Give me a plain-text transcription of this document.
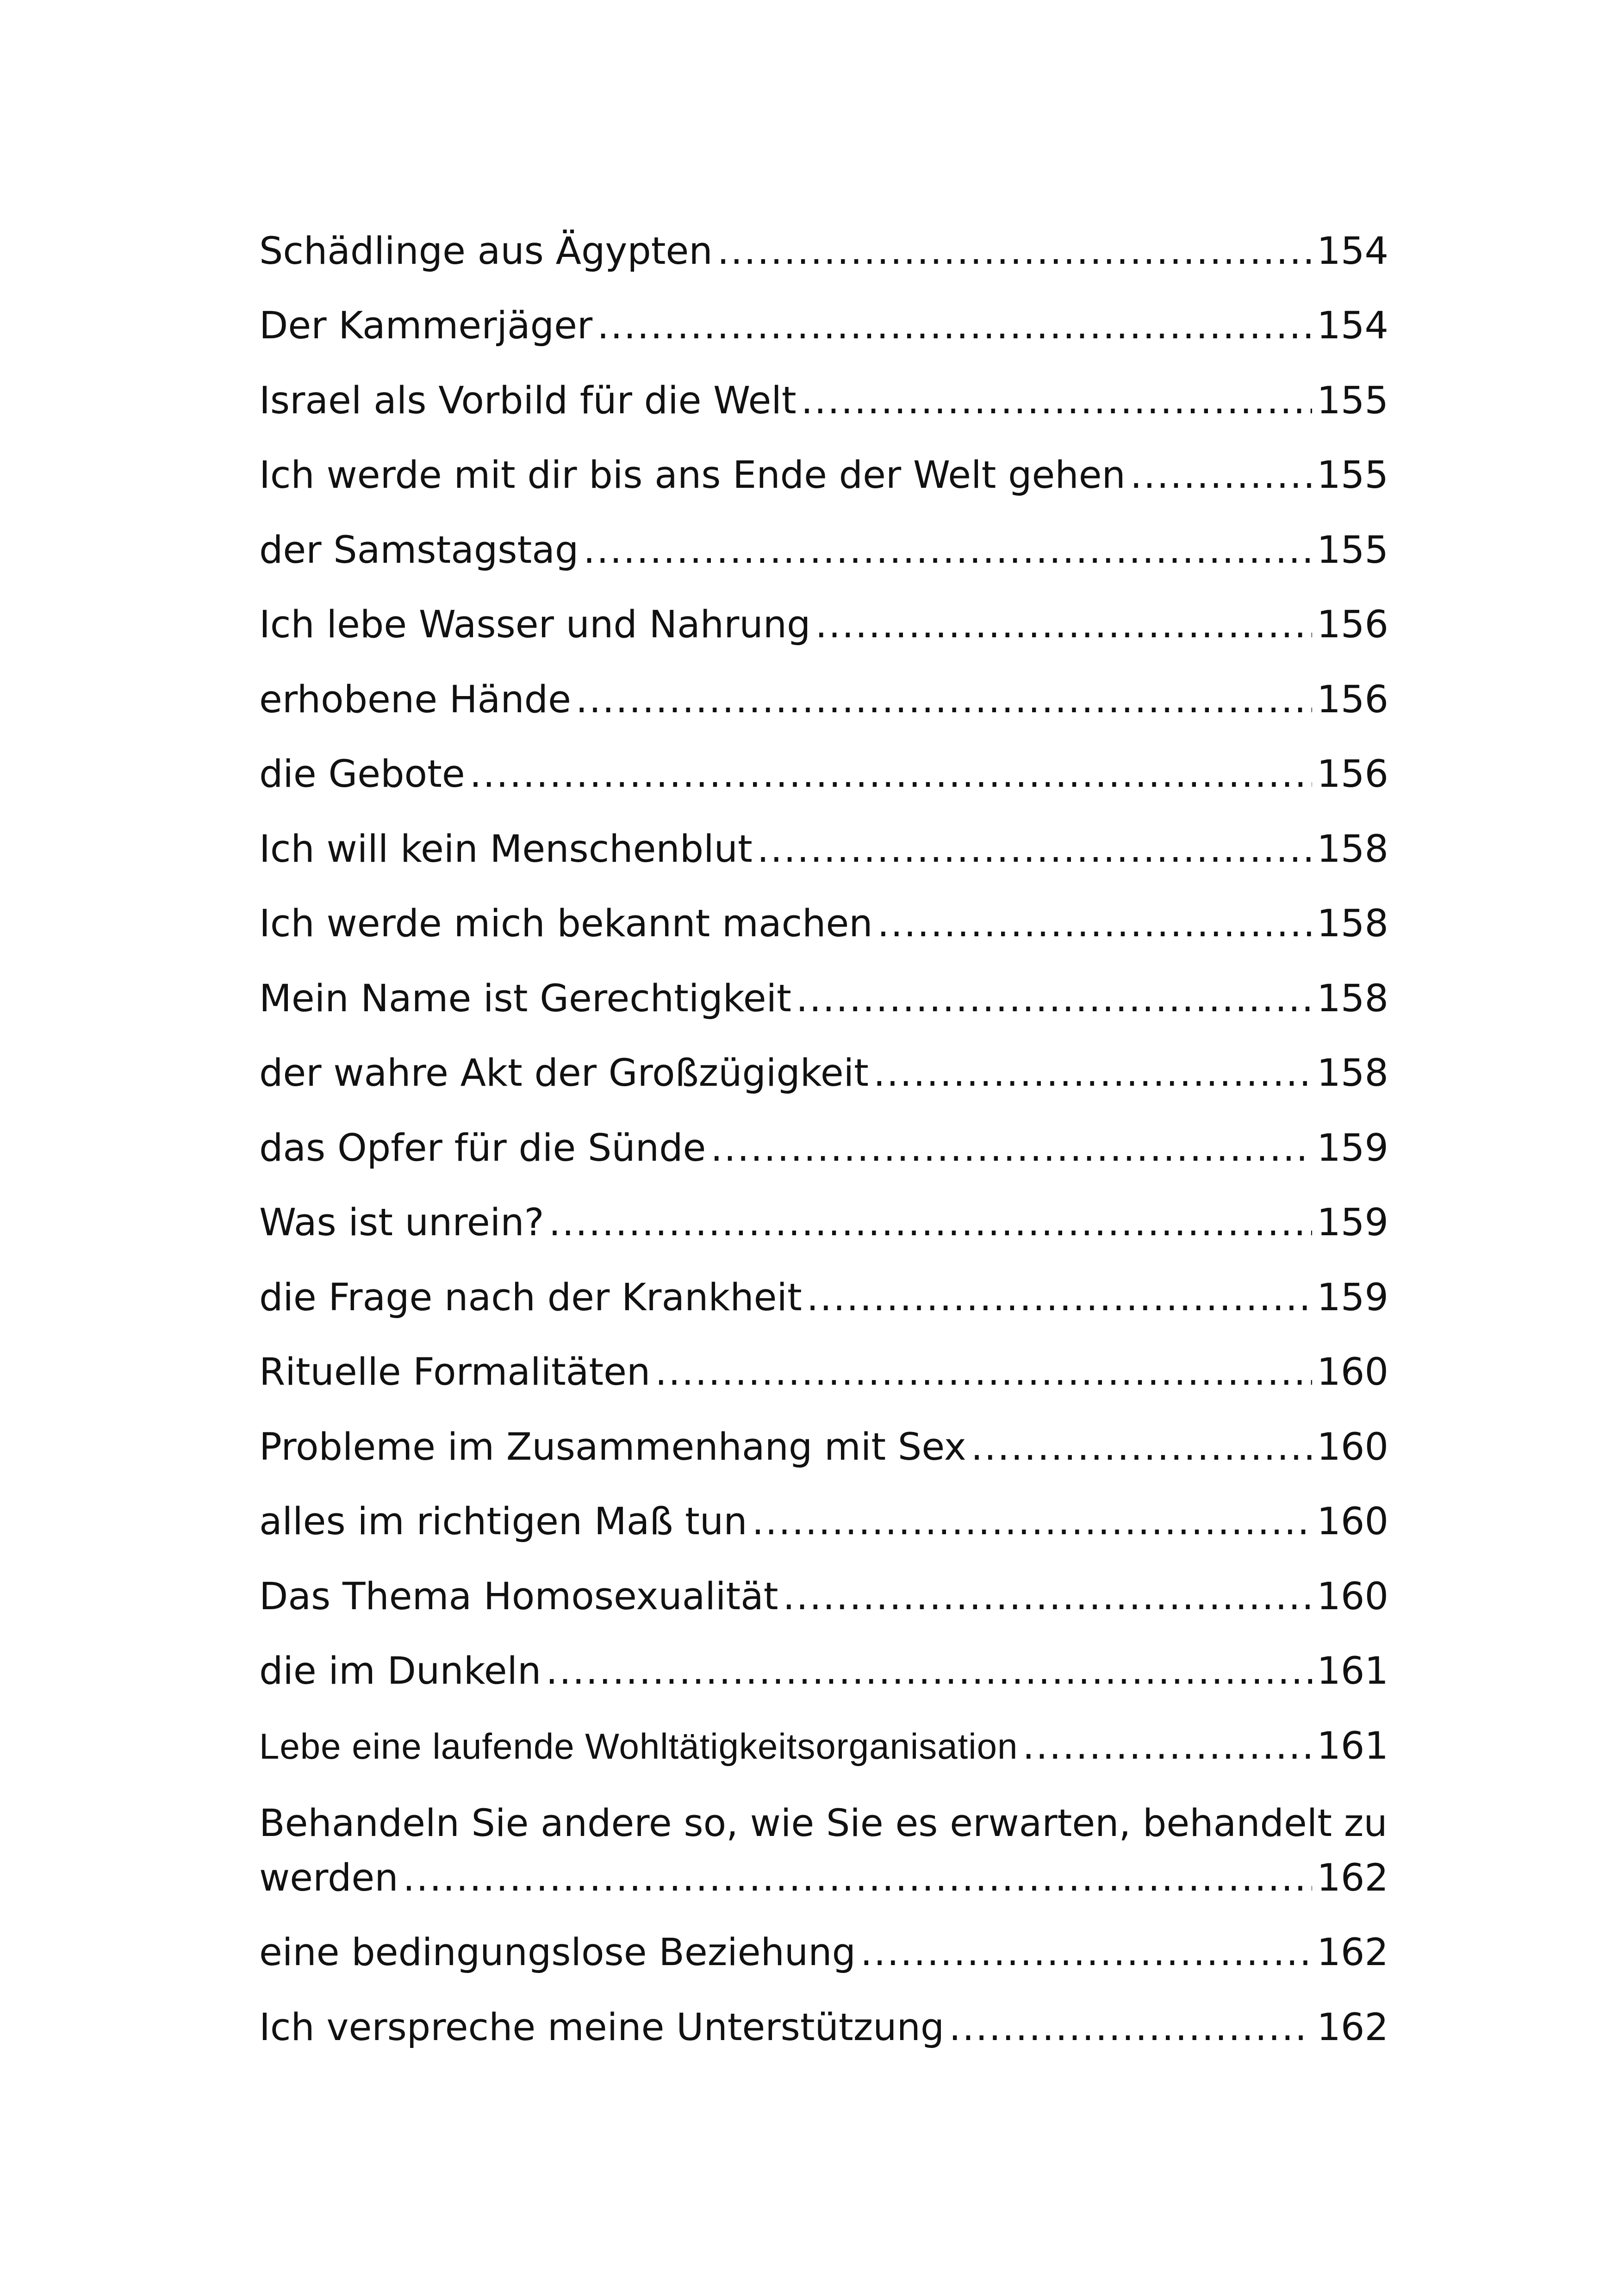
Schädlinge aus Ägypten .....	154
Der Kammerjäger .....	154
Israel als Vorbild für die Welt .....	155
Ich werde mit dir bis ans Ende der Welt gehen .....	155
der Samstagstag .....	155
Ich lebe Wasser und Nahrung .....	156
erhobene Hände .....	156
die Gebote .....	156
Ich will kein Menschenblut .....	158
Ich werde mich bekannt machen .....	158
Mein Name ist Gerechtigkeit .....	158
der wahre Akt der Großzügigkeit .....	158
das Opfer für die Sünde .....	159
Was ist unrein? .....	159
die Frage nach der Krankheit .....	159
Rituelle Formalitäten .....	160
Probleme im Zusammenhang mit Sex .....	160
alles im richtigen Maß tun .....	160
Das Thema Homosexualität .....	160
die im Dunkeln .....	161
Lebe eine laufende Wohltätigkeitsorganisation .....	161
Behandeln Sie andere so, wie Sie es erwarten, behandelt zu
werden .....	162
eine bedingungslose Beziehung .....	162
Ich verspreche meine Unterstützung .....	162
